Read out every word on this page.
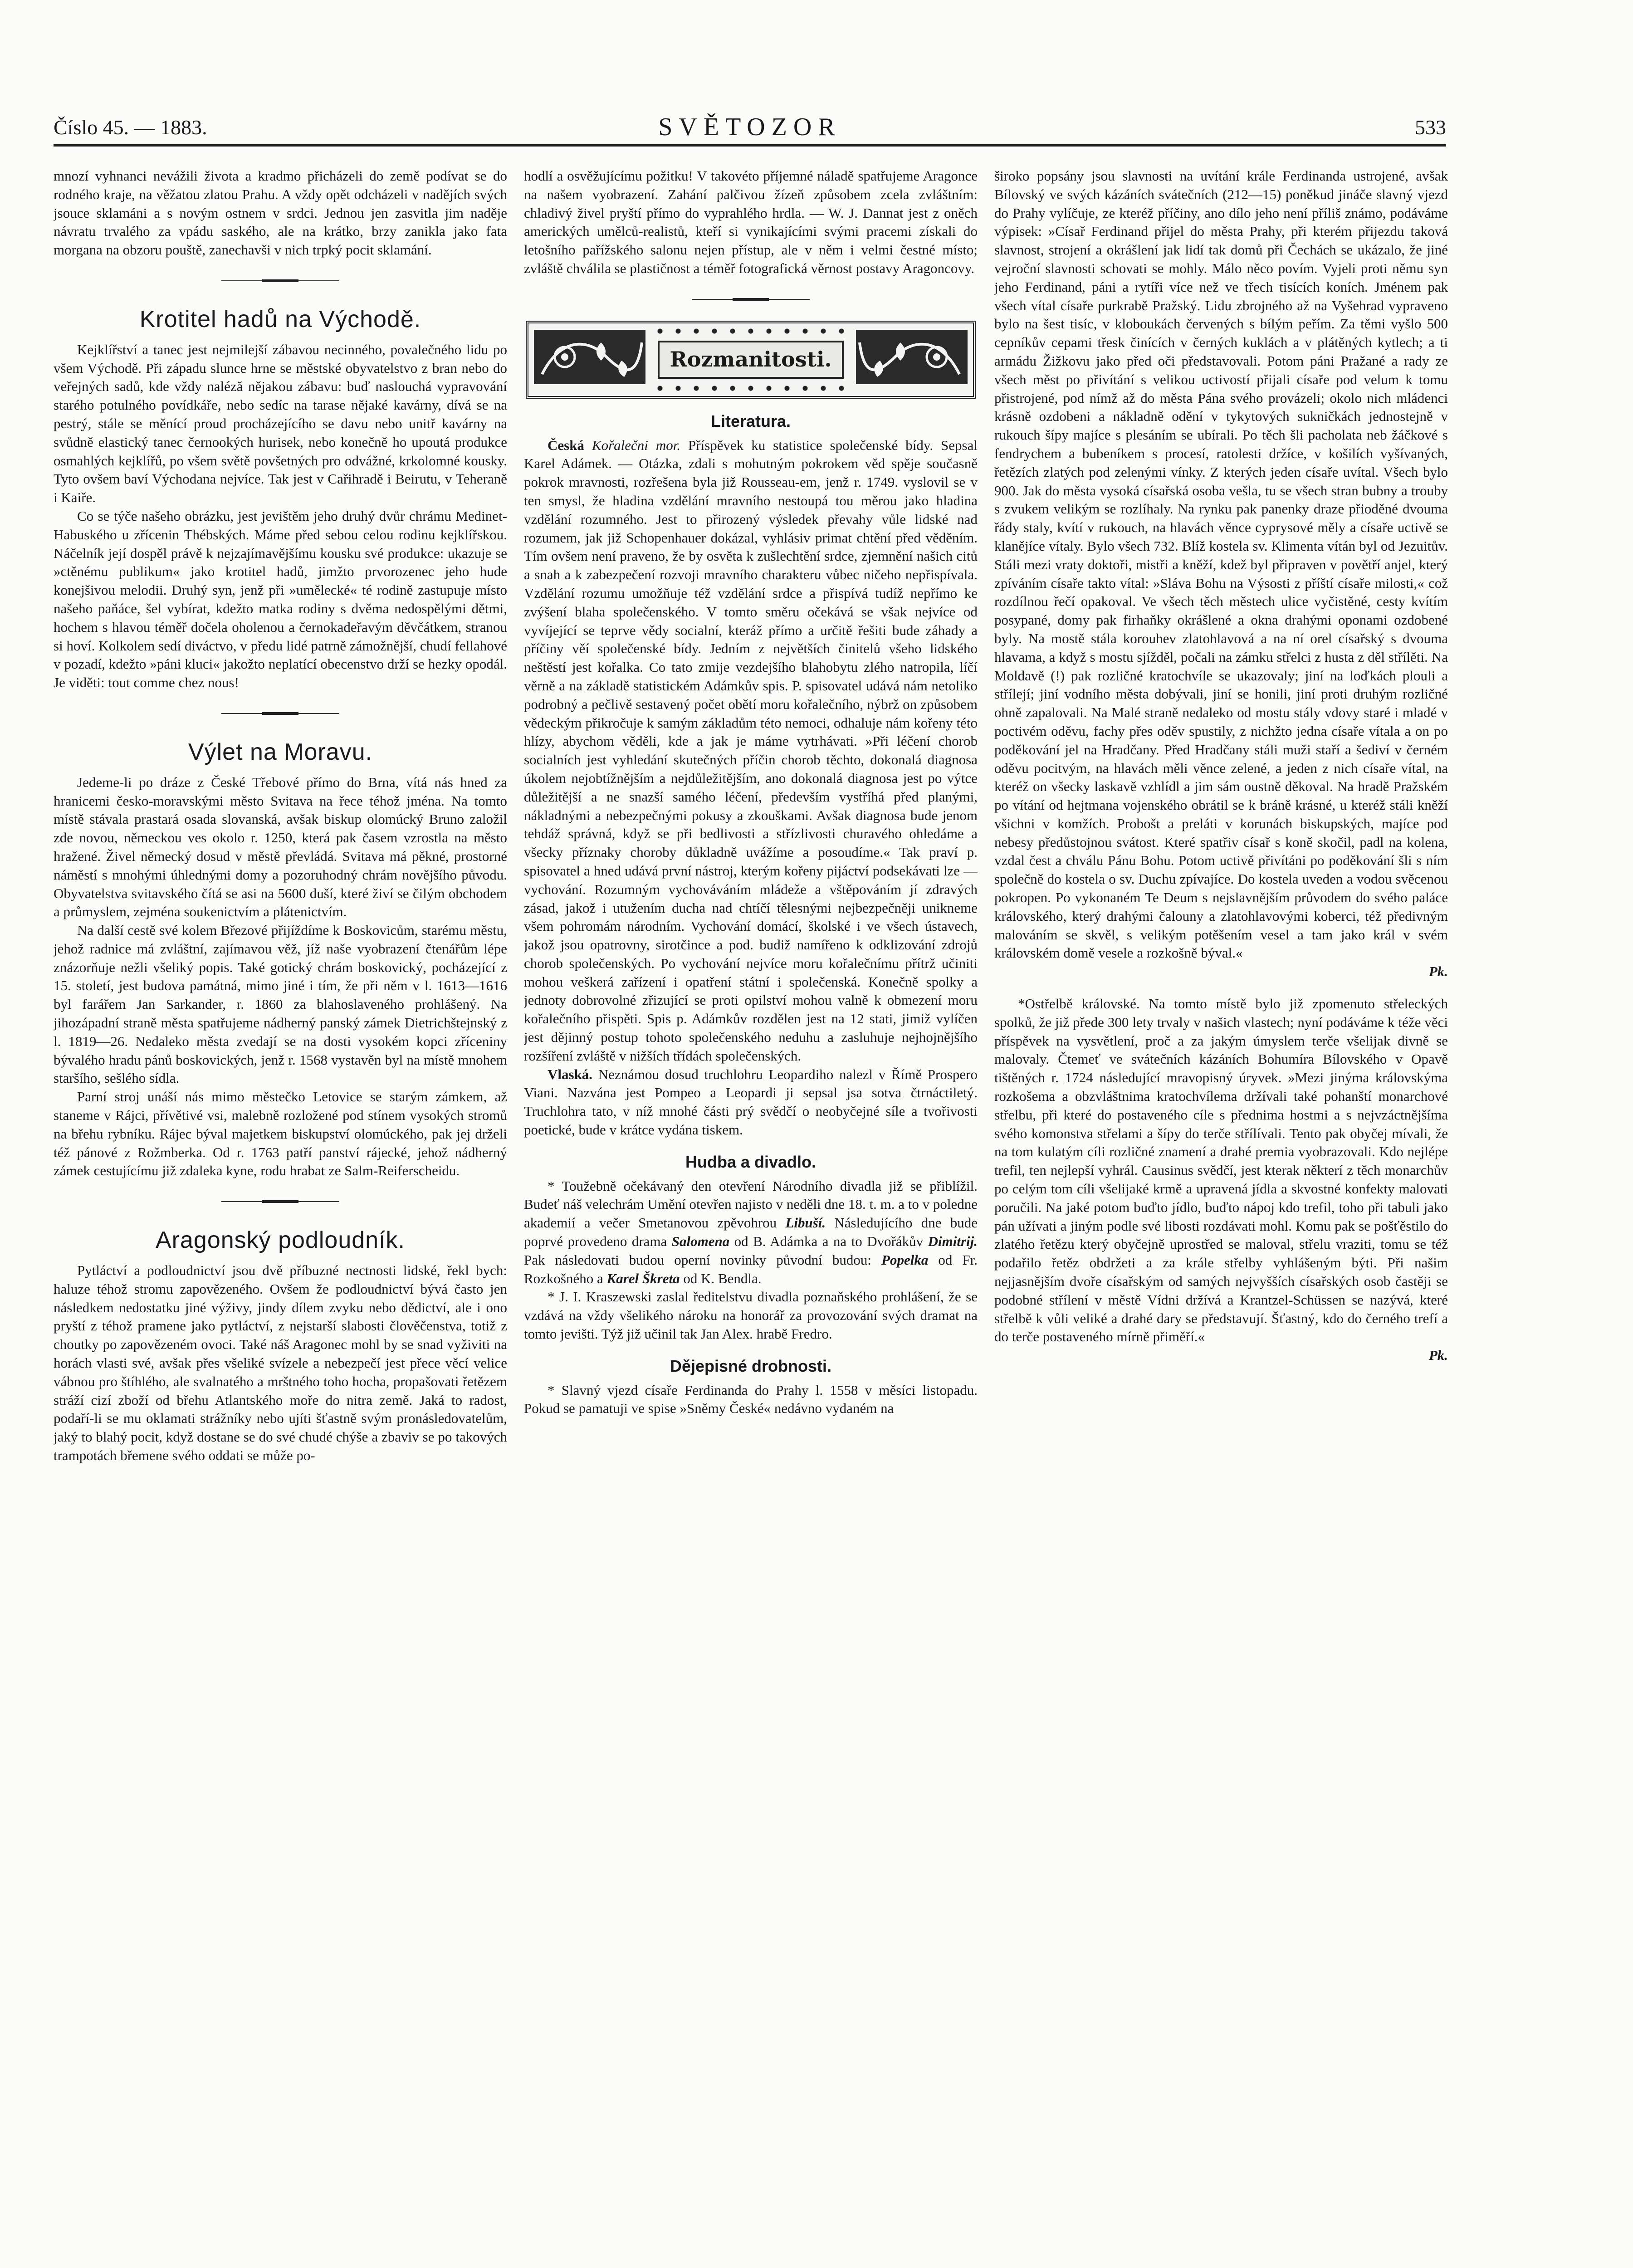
Číslo 45. — 1883.	SVĚTOZOR	533

mnozí vyhnanci nevážili života a kradmo přicházeli do země podívat se do rodného kraje, na věžatou zlatou Prahu. A vždy opět odcházeli v nadějích svých jsouce sklamáni a s novým ostnem v srdci. Jednou jen zasvitla jim naděje návratu trvalého za vpádu saského, ale na krátko, brzy zanikla jako fata morgana na obzoru pouště, zanechavši v nich trpký pocit sklamání.

Krotitel hadů na Východě.

Kejklířství a tanec jest nejmilejší zábavou necinného, povalečného lidu po všem Východě. Při západu slunce hrne se městské obyvatelstvo z bran nebo do veřejných sadů, kde vždy naléză nějakou zábavu: buď naslouchá vypravování starého potulného povídkáře, nebo sedíc na tarase nějaké kavárny, dívá se na pestrý, stále se měnící proud procházejícího se davu nebo unitř kavárny na svůdně elastický tanec černookých hurisek, nebo konečně ho upoutá produkce osmahlých kejklířů, po všem světě povšetných pro odvážné, krkolomné kousky. Tyto ovšem baví Východana nejvíce. Tak jest v Cařihradě i Beirutu, v Teheraně i Kaiře.

Co se týče našeho obrázku, jest jevištěm jeho druhý dvůr chrámu Medinet-Habuského u zřícenin Thébských. Máme před sebou celou rodinu kejklířskou. Náčelník její dospěl právě k nejzajímavějšímu kousku své produkce: ukazuje se »ctěnému publikum« jako krotitel hadů, jimžto prvorozenec jeho hude konejšivou melodii. Druhý syn, jenž při »umělecké« té rodině zastupuje místo našeho paňáce, šel vybírat, kdežto matka rodiny s dvěma nedospělými dětmi, hochem s hlavou téměř dočela oholenou a černokadeřavým děvčátkem, stranou si hoví. Kolkolem sedí diváctvo, v předu lidé patrně zámožnější, chudí fellahové v pozadí, kdežto »páni kluci« jakožto neplatící obecenstvo drží se hezky opodál. Je viděti: tout comme chez nous!

Výlet na Moravu.

Jedeme-li po dráze z České Třebové přímo do Brna, vítá nás hned za hranicemi česko-moravskými město Svitava na řece téhož jména. Na tomto místě stávala prastará osada slovanská, avšak biskup olomúcký Bruno založil zde novou, německou ves okolo r. 1250, která pak časem vzrostla na město hražené. Živel německý dosud v městě převládá. Svitava má pěkné, prostorné náměstí s mnohými úhlednými domy a pozoruhodný chrám novějšího původu. Obyvatelstva svitavského čítá se asi na 5600 duší, které živí se čilým obchodem a průmyslem, zejména soukenictvím a plátenictvím.

Na další cestě své kolem Březové přijíždíme k Boskovicům, starému městu, jehož radnice má zvláštní, zajímavou věž, jíž naše vyobrazení čtenářům lépe znázorňuje nežli všeliký popis. Také gotický chrám boskovický, pocházející z 15. století, jest budova památná, mimo jiné i tím, že při něm v l. 1613—1616 byl farářem Jan Sarkander, r. 1860 za blahoslaveného prohlášený. Na jihozápadní straně města spatřujeme nádherný panský zámek Dietrichštejnský z l. 1819—26. Nedaleko města zvedají se na dosti vysokém kopci zříceniny bývalého hradu pánů boskovických, jenž r. 1568 vystavěn byl na místě mnohem staršího, sešlého sídla.

Parní stroj unáší nás mimo městečko Letovice se starým zámkem, až staneme v Rájci, přívětivé vsi, malebně rozložené pod stínem vysokých stromů na břehu rybníku. Rájec býval majetkem biskupství olomúckého, pak jej drželi též pánové z Rožmberka. Od r. 1763 patří panství rájecké, jehož nádherný zámek cestujícímu již zdaleka kyne, rodu hrabat ze Salm-Reiferscheidu.

Aragonský podloudník.

Pytláctví a podloudnictví jsou dvě příbuzné nectnosti lidské, řekl bych: haluze téhož stromu zapovězeného. Ovšem že podloudnictví bývá často jen následkem nedostatku jiné výživy, jindy dílem zvyku nebo dědictví, ale i ono pryští z téhož pramene jako pytláctví, z nejstarší slabosti člověčenstva, totiž z choutky po zapovězeném ovoci. Také náš Aragonec mohl by se snad vyživiti na horách vlasti své, avšak přes všeliké svízele a nebezpečí jest přece věcí velice vábnou pro štíhlého, ale svalnatého a mrštného toho hocha, propašovati řetězem stráží cizí zboží od břehu Atlantského moře do nitra země. Jaká to radost, podaří-li se mu oklamati strážníky nebo ujíti šťastně svým pronásledovatelům, jaký to blahý pocit, když dostane se do své chudé chýše a zbaviv se po takových trampotách břemene svého oddati se může po-

hodlí a osvěžujícímu požitku! V takovéto příjemné náladě spatřujeme Aragonce na našem vyobrazení. Zahání palčivou žízeň způsobem zcela zvláštním: chladivý živel pryští přímo do vyprahlého hrdla. — W. J. Dannat jest z oněch amerických umělců-realistů, kteří si vynikajícími svými pracemi získali do letošního pařížského salonu nejen přístup, ale v něm i velmi čestné místo; zvláště chválila se plastičnost a téměř fotografická věrnost postavy Aragoncovy.

Rozmanitosti.
Literatura.

Česká Kořalečni mor. Příspěvek ku statistice společenské bídy. Sepsal Karel Adámek. — Otázka, zdali s mohutným pokrokem věd spěje současně pokrok mravnosti, rozřešena byla již Rousseau-em, jenž r. 1749. vyslovil se v ten smysl, že hladina vzdělání mravního nestoupá tou měrou jako hladina vzdělání rozumného. Jest to přirozený výsledek převahy vůle lidské nad rozumem, jak již Schopenhauer dokázal, vyhlásiv primat chtění před věděním. Tím ovšem není praveno, že by osvěta k zušlechtění srdce, zjemnění našich citů a snah a k zabezpečení rozvoji mravního charakteru vůbec ničeho nepřispívala. Vzdělání rozumu umožňuje též vzdělání srdce a přispívá tudíž nepřímo ke zvýšení blaha společenského. V tomto směru očekává se však nejvíce od vyvíjející se teprve vědy socialní, kteráž přímo a určitě řešiti bude záhady a příčiny věí společenské bídy. Jedním z největších činitelů všeho lidského neštěstí jest kořalka. Co tato zmije vezdejšího blahobytu zlého natropila, líčí věrně a na základě statistickém Adámkův spis. P. spisovatel udává nám netoliko podrobný a pečlivě sestavený počet obětí moru kořalečního, nýbrž on způsobem vědeckým přikročuje k samým základům této nemoci, odhaluje nám kořeny této hlízy, abychom věděli, kde a jak je máme vytrhávati. »Při léčení chorob socialních jest vyhledání skutečných příčin chorob těchto, dokonalá diagnosa úkolem nejobtížnějším a nejdůležitějším, ano dokonalá diagnosa jest po výtce důležitější a ne snazší samého léčení, především vystříhá před planými, nákladnými a nebezpečnými pokusy a zkouškami. Avšak diagnosa bude jenom tehdáž správná, když se při bedlivosti a střízlivosti churavého ohledáme a všecky příznaky choroby důkladně uvážíme a posoudíme.« Tak praví p. spisovatel a hned udává první nástroj, kterým kořeny pijáctví podsekávati lze — vychování. Rozumným vychováváním mládeže a vštěpováním jí zdravých zásad, jakož i utužením ducha nad chtíčí tělesnými nejbezpečněji unikneme všem pohromám národním. Vychování domácí, školské i ve všech ústavech, jakož jsou opatrovny, sirotčince a pod. budiž namířeno k odklizování zdrojů chorob společenských. Po vychování nejvíce moru kořalečnímu přítrž učiniti mohou veškerá zařízení i opatření státní i společenská. Konečně spolky a jednoty dobrovolné zřizující se proti opilství mohou valně k obmezení moru kořalečního přispěti. Spis p. Adámkův rozdělen jest na 12 stati, jimiž vylíčen jest dějinný postup tohoto společenského neduhu a zasluhuje nejhojnějšího rozšíření zvláště v nižších třídách společenských.

Vlaská. Neznámou dosud truchlohru Leopardiho nalezl v Římě Prospero Viani. Nazvána jest Pompeo a Leopardi ji sepsal jsa sotva čtrnáctiletý. Truchlohra tato, v níž mnohé části prý svědčí o neobyčejné síle a tvořivosti poetické, bude v krátce vydána tiskem.

Hudba a divadlo.

* Toužebně očekávaný den otevření Národního divadla již se přiblížil. Budeť náš velechrám Umění otevřen najisto v neděli dne 18. t. m. a to v poledne akademií a večer Smetanovou zpěvohrou Libuší. Následujícího dne bude poprvé provedeno drama Salomena od B. Adámka a na to Dvořákův Dimitrij. Pak následovati budou operní novinky původní budou: Popelka od Fr. Rozkošného a Karel Škreta od K. Bendla.

* J. I. Kraszewski zaslal ředitelstvu divadla poznaňského prohlášení, že se vzdává na vždy všelikého nároku na honorář za provozování svých dramat na tomto jevišti. Týž již učinil tak Jan Alex. hrabě Fredro.

Dějepisné drobnosti.

* Slavný vjezd císaře Ferdinanda do Prahy l. 1558 v měsíci listopadu. Pokud se pamatuji ve spise »Sněmy České« nedávno vydaném na

široko popsány jsou slavnosti na uvítání krále Ferdinanda ustrojené, avšak Bílovský ve svých kázáních svátečních (212—15) poněkud jináče slavný vjezd do Prahy vylíčuje, ze kteréž příčiny, ano dílo jeho není příliš známo, podáváme výpisek: »Císař Ferdinand přijel do města Prahy, při kterém přijezdu taková slavnost, strojení a okrášlení jak lidí tak domů při Čechách se ukázalo, že jiné vejroční slavnosti schovati se mohly. Málo něco povím. Vyjeli proti němu syn jeho Ferdinand, páni a rytíři více než ve třech tisících koních. Jménem pak všech vítal císaře purkrabě Pražský. Lidu zbrojného až na Vyšehrad vypraveno bylo na šest tisíc, v kloboukách červených s bílým peřím. Za těmi vyšlo 500 cepníkův cepami třesk činících v černých kuklách a v plátěných kytlech; a ti armádu Žižkovu jako před oči představovali. Potom páni Pražané a rady ze všech měst po přivítání s velikou uctivostí přijali císaře pod velum k tomu přistrojené, pod nímž až do města Pána svého provázeli; okolo nich mládenci krásně ozdobeni a nákladně odění v tykytových sukničkách jednostejně v rukouch šípy majíce s plesáním se ubírali. Po těch šli pacholata neb žáčkové s fendrychem a bubeníkem s procesí, ratolesti držíce, v košilích vyšívaných, řetězích zlatých pod zelenými vínky. Z kterých jeden císaře uvítal. Všech bylo 900. Jak do města vysoká císařská osoba vešla, tu se všech stran bubny a trouby s zvukem velikým se rozlíhaly. Na rynku pak panenky draze přioděné dvouma řády staly, kvítí v rukouch, na hlavách věnce cyprysové měly a císaře uctivě se klanějíce vítaly. Bylo všech 732. Blíž kostela sv. Klimenta vítán byl od Jezuitův. Stáli mezi vraty doktoři, mistři a kněží, kdež byl připraven v povětří anjel, který zpíváním císaře takto vítal: »Sláva Bohu na Výsosti z příští císaře milosti,« což rozdílnou řečí opakoval. Ve všech těch městech ulice vyčistěné, cesty kvítím posypané, domy pak firhaňky okrášlené a okna drahými oponami ozdobené byly. Na mostě stála korouhev zlatohlavová a na ní orel císařský s dvouma hlavama, a když s mostu sjížděl, počali na zámku střelci z husta z děl střílěti. Na Moldavě (!) pak rozličné kratochvíle se ukazovaly; jiní na loďkách plouli a střílejí; jiní vodního města dobývali, jiní se honili, jiní proti druhým rozličné ohně zapalovali. Na Malé straně nedaleko od mostu stály vdovy staré i mladé v poctivém oděvu, fachy přes oděv spustily, z nichžto jedna císaře vítala a on po poděkování jel na Hradčany. Před Hradčany stáli muži staří a šediví v černém oděvu pocitvým, na hlavách měli věnce zelené, a jeden z nich císaře vítal, na kteréž on všecky laskavě vzhlídl a jim sám oustně děkoval. Na hradě Pražském po vítání od hejtmana vojenského obrátil se k bráně krásné, u kteréž stáli kněží všichni v komžích. Probošt a preláti v korunách biskupských, majíce pod nebesy předůstojnou svátost. Které spatřiv císař s koně skočil, padl na kolena, vzdal čest a chválu Pánu Bohu. Potom uctivě přivítáni po poděkování šli s ním společně do kostela o sv. Duchu zpívajíce. Do kostela uveden a vodou svěcenou pokropen. Po vykonaném Te Deum s nejslavnějším průvodem do svého paláce královského, který drahými čalouny a zlatohlavovými koberci, též předivným malováním se skvěl, s velikým potěšením vesel a tam jako král v svém královském domě vesele a rozkošně býval.«

Pk.

*Ostřelbě královské. Na tomto místě bylo již zpomenuto střeleckých spolků, že již přede 300 lety trvaly v našich vlastech; nyní podáváme k téže věci příspěvek na vysvětlení, proč a za jakým úmyslem terče všelijak divně se malovaly. Čtemeť ve svátečních kázáních Bohumíra Bílovského v Opavě tištěných r. 1724 následující mravopisný úryvek. »Mezi jinýma královskýma rozkošema a obzvláštnima kratochvílema držívali také pohanští monarchové střelbu, při které do postaveného cíle s přednima hostmi a s nejvzáctnějšíma svého komonstva střelami a šípy do terče střílívali. Tento pak obyčej mívali, že na tom kulatým cíli rozličné znamení a drahé premia vyobrazovali. Kdo nejlépe trefil, ten nejlepší vyhrál. Causinus svědčí, jest kterak některí z těch monarchův po celým tom cíli všelijaké krmě a upravená jídla a skvostné konfekty malovati poručili. Na jaké potom buďto jídlo, buďto nápoj kdo trefil, toho při tabuli jako pán užívati a jiným podle své libosti rozdávati mohl. Komu pak se pošťěstilo do zlatého řetězu který obyčejně uprostřed se maloval, střelu vraziti, tomu se též podařilo řetěz obdržeti a za krále střelby vyhlášeným býti. Při našim nejjasnějším dvoře císařským od samých nejvyšších císařských osob častěji se podobné střílení v městě Vídni držívá a Krantzel-Schüssen se nazývá, které střelbě k vůli veliké a drahé dary se představují. Šťastný, kdo do černého trefí a do terče postaveného mírně přiměří.«

Pk.
